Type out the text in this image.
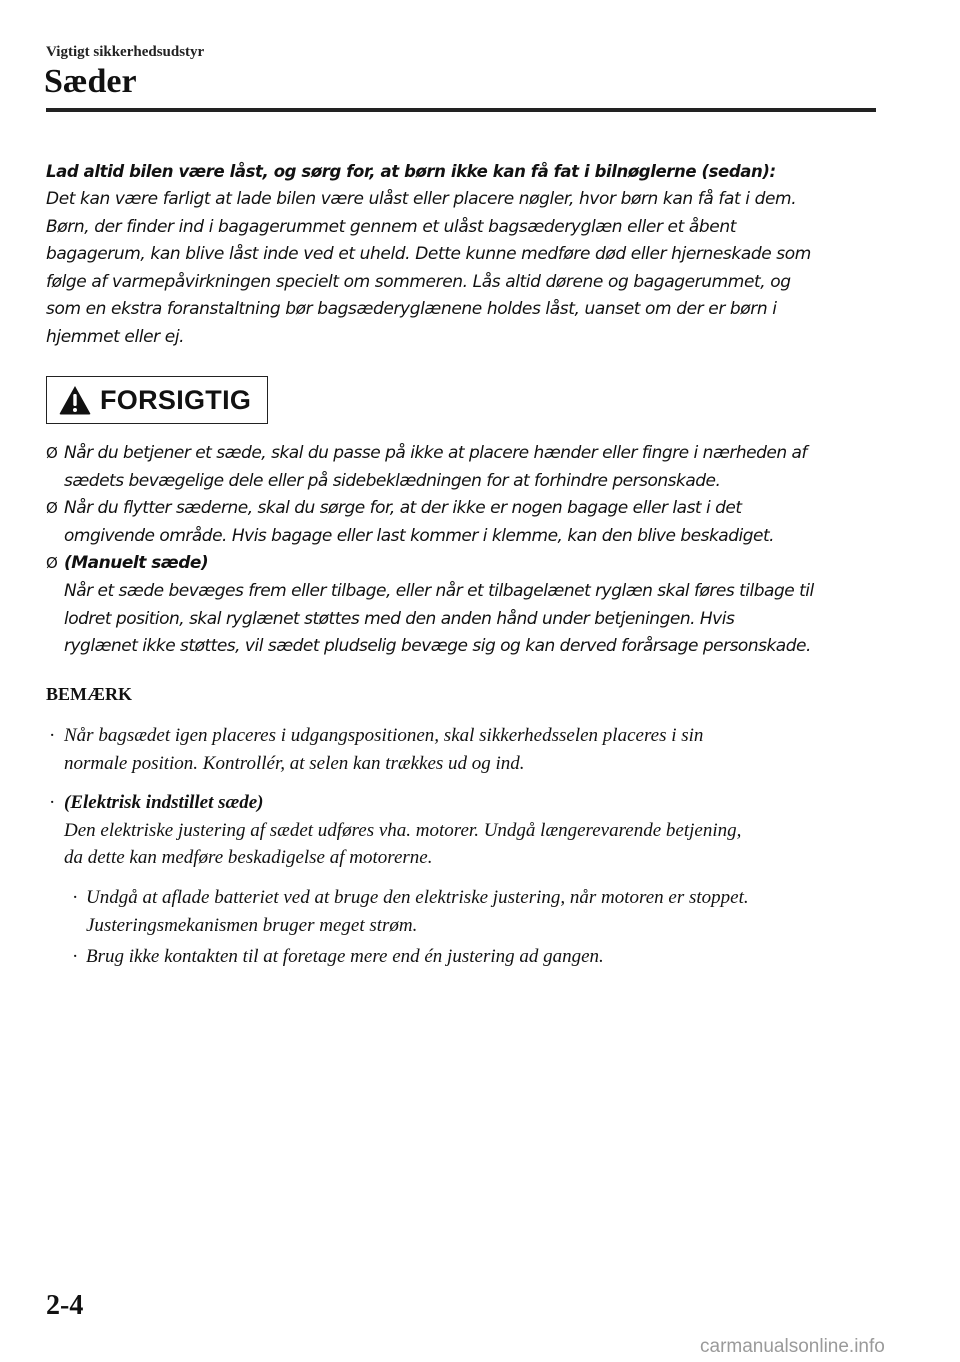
Vigtigt sikkerhedsudstyr
Sæder
Lad altid bilen være låst, og sørg for, at børn ikke kan få fat i bilnøglerne (sedan):

Det kan være farligt at lade bilen være ulåst eller placere nøgler, hvor børn kan få fat i dem.
Børn, der finder ind i bagagerummet gennem et ulåst bagsæderyglæn eller et åbent
bagagerum, kan blive låst inde ved et uheld. Dette kunne medføre død eller hjerneskade som
følge af varmepåvirkningen specielt om sommeren. Lås altid dørene og bagagerummet, og
som en ekstra foranstaltning bør bagsæderyglænene holdes låst, uanset om der er børn i
hjemmet eller ej.

FORSIGTIG
Ø Når du betjener et sæde, skal du passe på ikke at placere hænder eller fingre i nærheden af
sædets bevægelige dele eller på sidebeklædningen for at forhindre personskade.
Ø Når du flytter sæderne, skal du sørge for, at der ikke er nogen bagage eller last i det
omgivende område. Hvis bagage eller last kommer i klemme, kan den blive beskadiget.
Ø (Manuelt sæde)
Når et sæde bevæges frem eller tilbage, eller når et tilbagelænet ryglæn skal føres tilbage til
lodret position, skal ryglænet støttes med den anden hånd under betjeningen. Hvis
ryglænet ikke støttes, vil sædet pludselig bevæge sig og kan derved forårsage personskade.
BEMÆRK
· Når bagsædet igen placeres i udgangspositionen, skal sikkerhedsselen placeres i sin
normale position. Kontrollér, at selen kan trækkes ud og ind.
· (Elektrisk indstillet sæde)
Den elektriske justering af sædet udføres vha. motorer. Undgå længerevarende betjening,
da dette kan medføre beskadigelse af motorerne.
· Undgå at aflade batteriet ved at bruge den elektriske justering, når motoren er stoppet.
Justeringsmekanismen bruger meget strøm.
· Brug ikke kontakten til at foretage mere end én justering ad gangen.
2-4
carmanualsonline.info
